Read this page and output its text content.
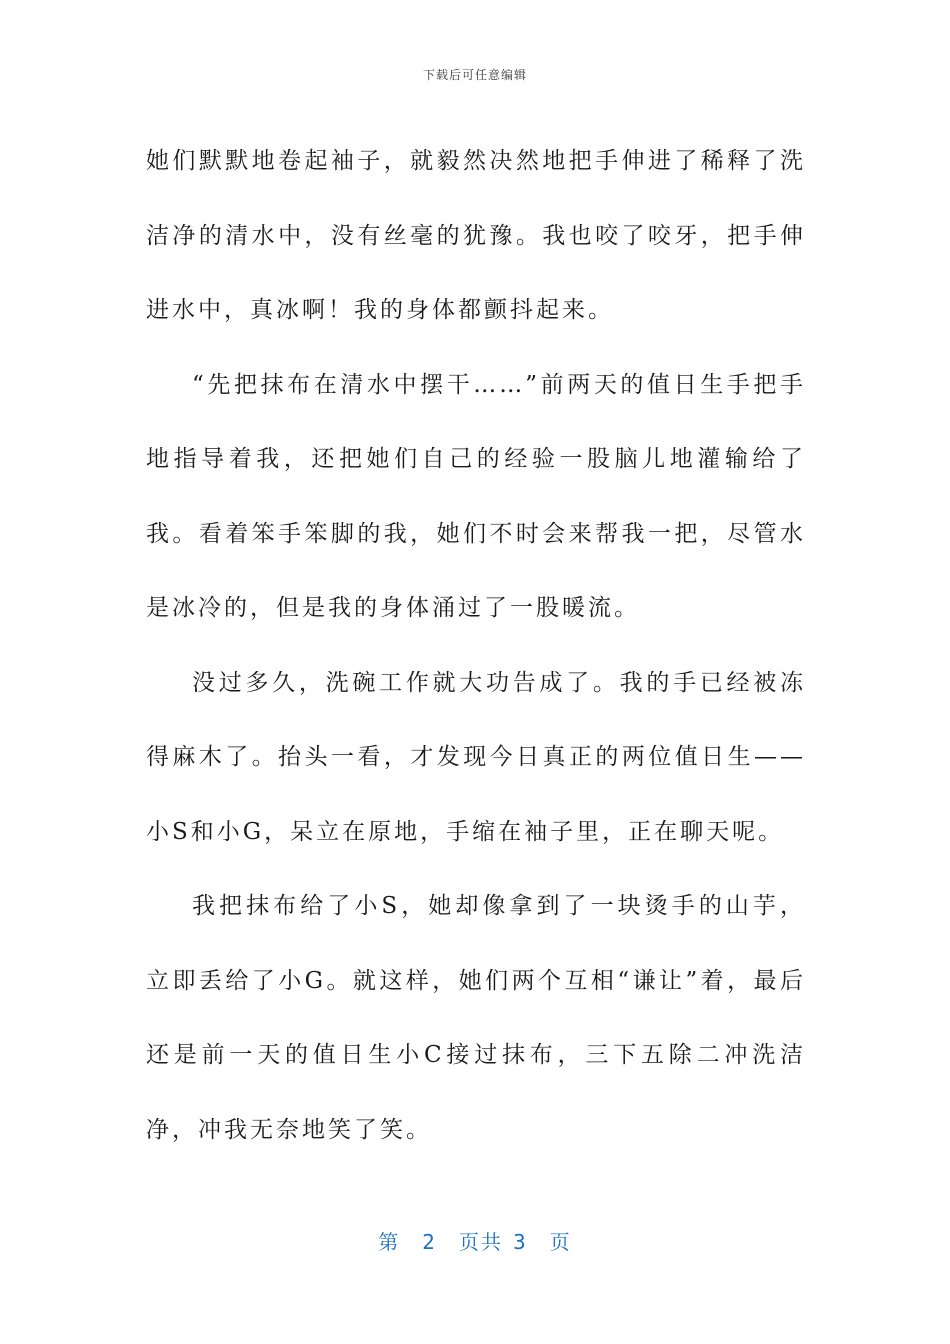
下载后可任意编辑

她们默默地卷起袖子，就毅然决然地把手伸进了稀释了洗洁净的清水中，没有丝毫的犹豫。我也咬了咬牙，把手伸进水中，真冰啊！我的身体都颤抖起来。

“先把抹布在清水中摆干……”前两天的值日生手把手地指导着我，还把她们自己的经验一股脑儿地灌输给了我。看着笨手笨脚的我，她们不时会来帮我一把，尽管水是冰冷的，但是我的身体涌过了一股暖流。

没过多久，洗碗工作就大功告成了。我的手已经被冻得麻木了。抬头一看，才发现今日真正的两位值日生——小S和小G，呆立在原地，手缩在袖子里，正在聊天呢。

我把抹布给了小S，她却像拿到了一块烫手的山芋，立即丢给了小G。就这样，她们两个互相“谦让”着，最后还是前一天的值日生小C接过抹布，三下五除二冲洗洁净，冲我无奈地笑了笑。

第 2 页共 3 页
